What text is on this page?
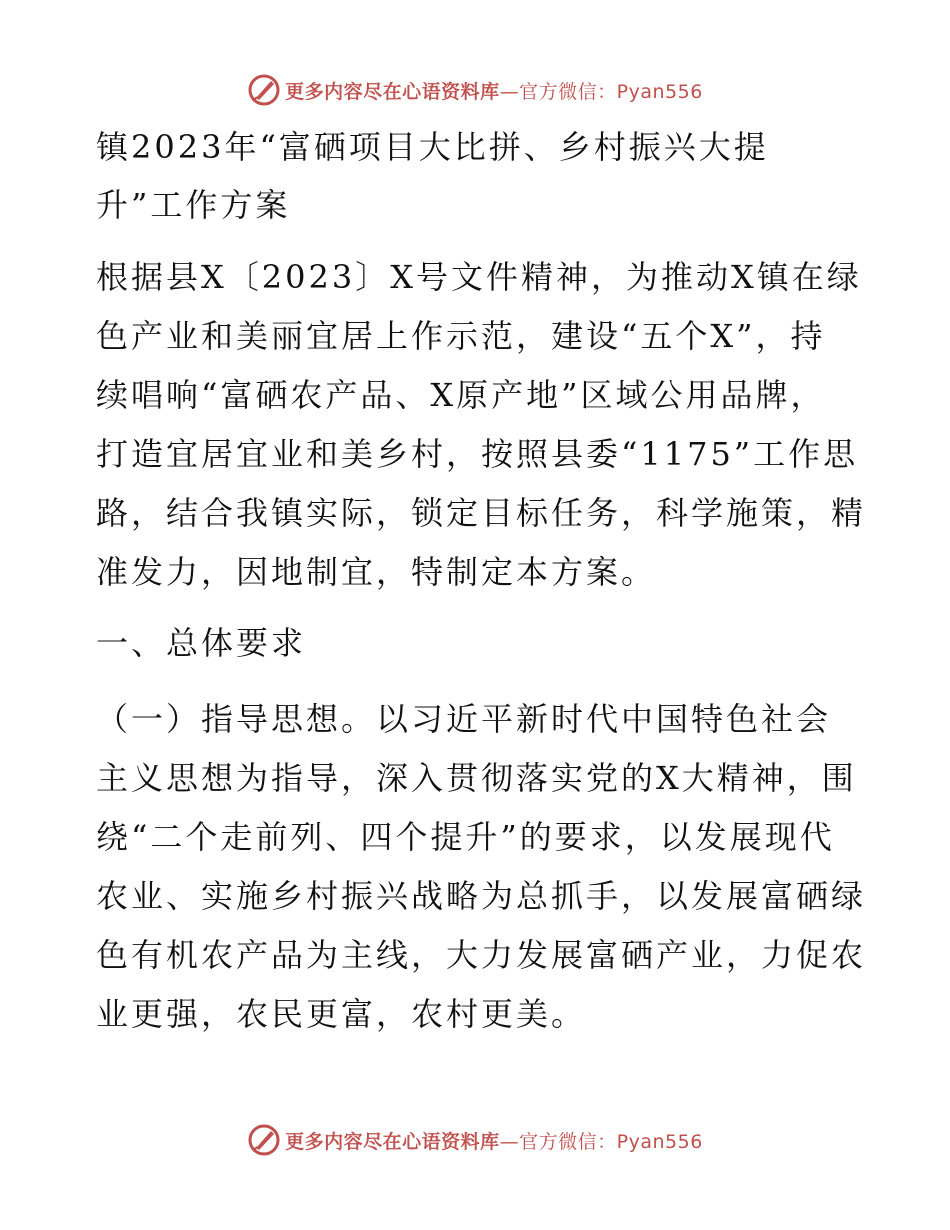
更多内容尽在心语资料库 —官方微信：Pyan556
镇2023年“富硒项目大比拼、乡村振兴大提
升”工作方案
根据县X〔2023〕X号文件精神，为推动X镇在绿
色产业和美丽宜居上作示范，建设“五个X”，持
续唱响“富硒农产品、X原产地”区域公用品牌，
打造宜居宜业和美乡村，按照县委“1175”工作思
路，结合我镇实际，锁定目标任务，科学施策，精
准发力，因地制宜，特制定本方案。
一、总体要求
（一）指导思想。以习近平新时代中国特色社会
主义思想为指导，深入贯彻落实党的X大精神，围
绕“二个走前列、四个提升”的要求，以发展现代
农业、实施乡村振兴战略为总抓手，以发展富硒绿
色有机农产品为主线，大力发展富硒产业，力促农
业更强，农民更富，农村更美。
更多内容尽在心语资料库 —官方微信：Pyan556
